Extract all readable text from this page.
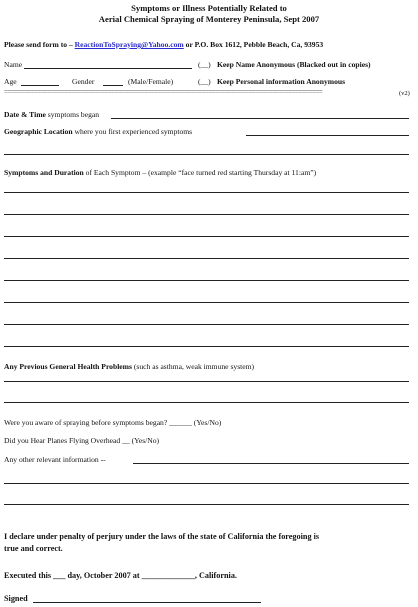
Symptoms or Illness Potentially Related to
Aerial Chemical Spraying of Monterey Peninsula, Sept 2007
Please send form to – ReactionToSpraying@Yahoo.com or P.O. Box 1612, Pebble Beach, Ca, 93953
Name	(__) Keep Name Anonymous (Blacked out in copies)
Age	Gender	(Male/Female)	(__) Keep Personal information Anonymous
===============================================================================================	(v2)
Date & Time symptoms began
Geographic Location where you first experienced symptoms
Symptoms and Duration of Each Symptom – (example “face turned red starting Thursday at 11:am”)
Any Previous General Health Problems (such as asthma, weak immune system)
Were you aware of spraying before symptoms began? ______ (Yes/No)
Did you Hear Planes Flying Overhead __ (Yes/No)
Any other relevant information --
I declare under penalty of perjury under the laws of the state of California the foregoing is
true and correct.
Executed this ___ day, October 2007 at _____________, California.
Signed
